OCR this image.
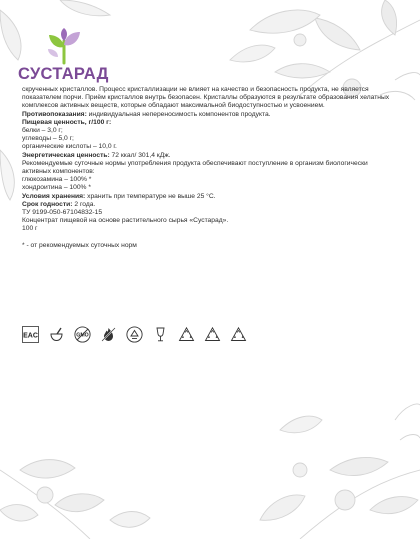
СУСТАРАД

скрученных кристаллов. Процесс кристаллизации не влияет на качество и безопасность продукта, не является

показателем порчи. Приём кристаллов внутрь безопасен. Кристаллы образуются в результате образования хелатных

комплексов активных веществ, которые обладают максимальной биодоступностью и усвоением.

Противопоказания: индивидуальная непереносимость компонентов продукта.

Пищевая ценность, г/100 г:

белки – 3,0 г;

углеводы – 5,0 г;

органические кислоты – 10,0 г.

Энергетическая ценность: 72 ккал/ 301,4 кДж.

Рекомендуемые суточные нормы употребления продукта обеспечивают поступление в организм биологически

активных компонентов:

глюкозамина – 100% *

хондроитина – 100% *

Условия хранения: хранить при температуре не выше 25 °С.

Срок годности: 2 года.

ТУ 9199-050-67104832-15

Концентрат пищевой на основе растительного сырья «Сустарад».

100 г

* - от рекомендуемых суточных норм

EAC	GMO
